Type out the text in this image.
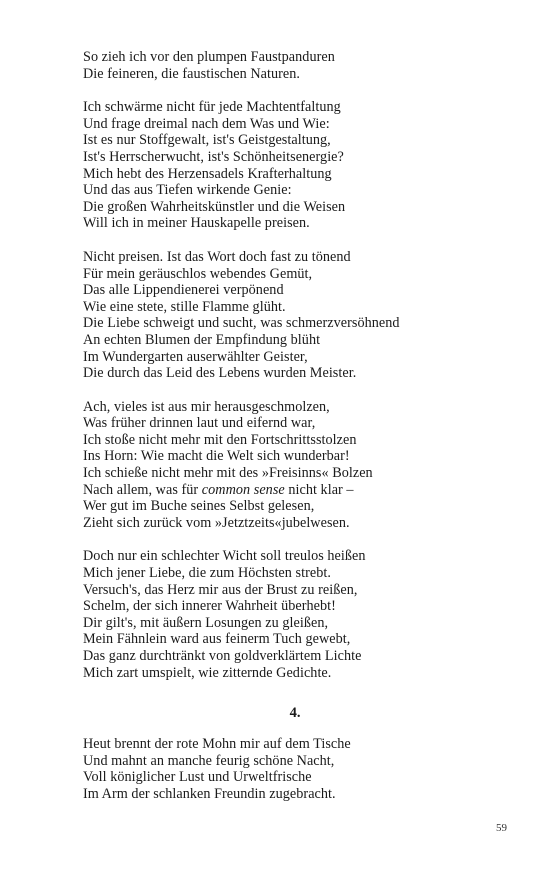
So zieh ich vor den plumpen Faustpanduren
Die feineren, die faustischen Naturen.
Ich schwärme nicht für jede Machtentfaltung
Und frage dreimal nach dem Was und Wie:
Ist es nur Stoffgewalt, ist's Geistgestaltung,
Ist's Herrscherwucht, ist's Schönheitsenergie?
Mich hebt des Herzensadels Krafterhaltung
Und das aus Tiefen wirkende Genie:
Die großen Wahrheitskünstler und die Weisen
Will ich in meiner Hauskapelle preisen.
Nicht preisen. Ist das Wort doch fast zu tönend
Für mein geräuschlos webendes Gemüt,
Das alle Lippendienerei verpönend
Wie eine stete, stille Flamme glüht.
Die Liebe schweigt und sucht, was schmerzversöhnend
An echten Blumen der Empfindung blüht
Im Wundergarten auserwählter Geister,
Die durch das Leid des Lebens wurden Meister.
Ach, vieles ist aus mir herausgeschmolzen,
Was früher drinnen laut und eifernd war,
Ich stoße nicht mehr mit den Fortschrittsstolzen
Ins Horn: Wie macht die Welt sich wunderbar!
Ich schieße nicht mehr mit des »Freisinns« Bolzen
Nach allem, was für common sense nicht klar –
Wer gut im Buche seines Selbst gelesen,
Zieht sich zurück vom »Jetztzeits«jubelwesen.
Doch nur ein schlechter Wicht soll treulos heißen
Mich jener Liebe, die zum Höchsten strebt.
Versuch's, das Herz mir aus der Brust zu reißen,
Schelm, der sich innerer Wahrheit überhebt!
Dir gilt's, mit äußern Losungen zu gleißen,
Mein Fähnlein ward aus feinerm Tuch gewebt,
Das ganz durchtränkt von goldverklärtem Lichte
Mich zart umspielt, wie zitternde Gedichte.
4.
Heut brennt der rote Mohn mir auf dem Tische
Und mahnt an manche feurig schöne Nacht,
Voll königlicher Lust und Urweltfrische
Im Arm der schlanken Freundin zugebracht.
59
